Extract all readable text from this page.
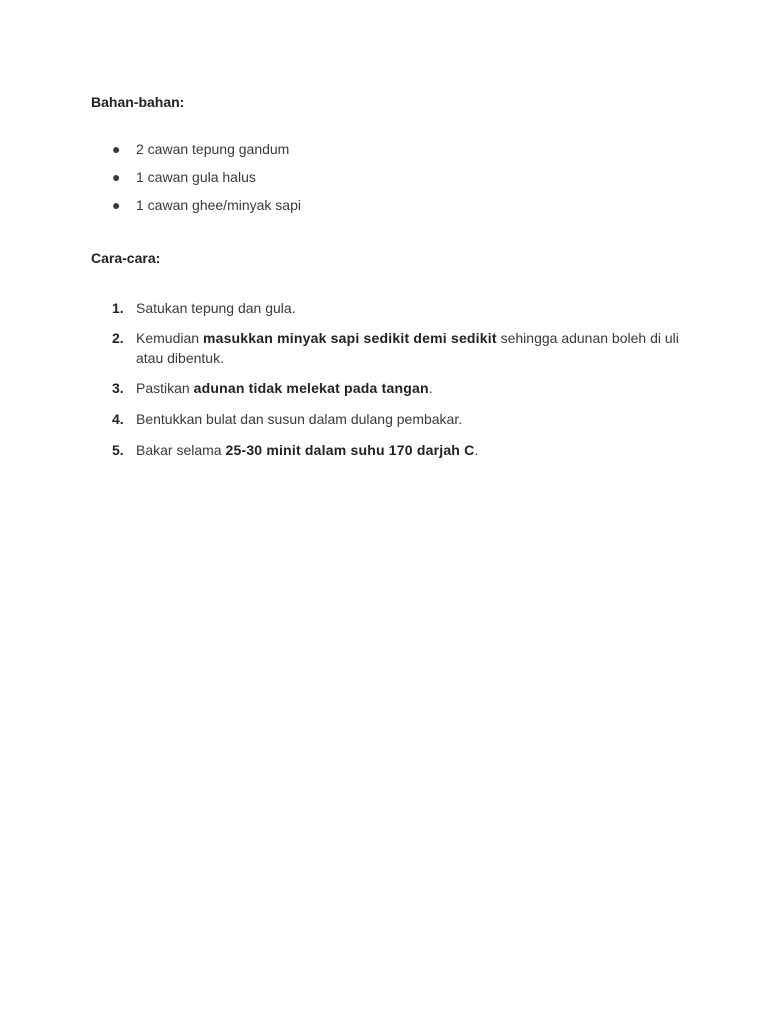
Bahan-bahan:
●	2 cawan tepung gandum
●	1 cawan gula halus
●	1 cawan ghee/minyak sapi
Cara-cara:
1. Satukan tepung dan gula.
2. Kemudian masukkan minyak sapi sedikit demi sedikit sehingga adunan boleh di uli atau dibentuk.
3. Pastikan adunan tidak melekat pada tangan.
4. Bentukkan bulat dan susun dalam dulang pembakar.
5. Bakar selama 25-30 minit dalam suhu 170 darjah C.
